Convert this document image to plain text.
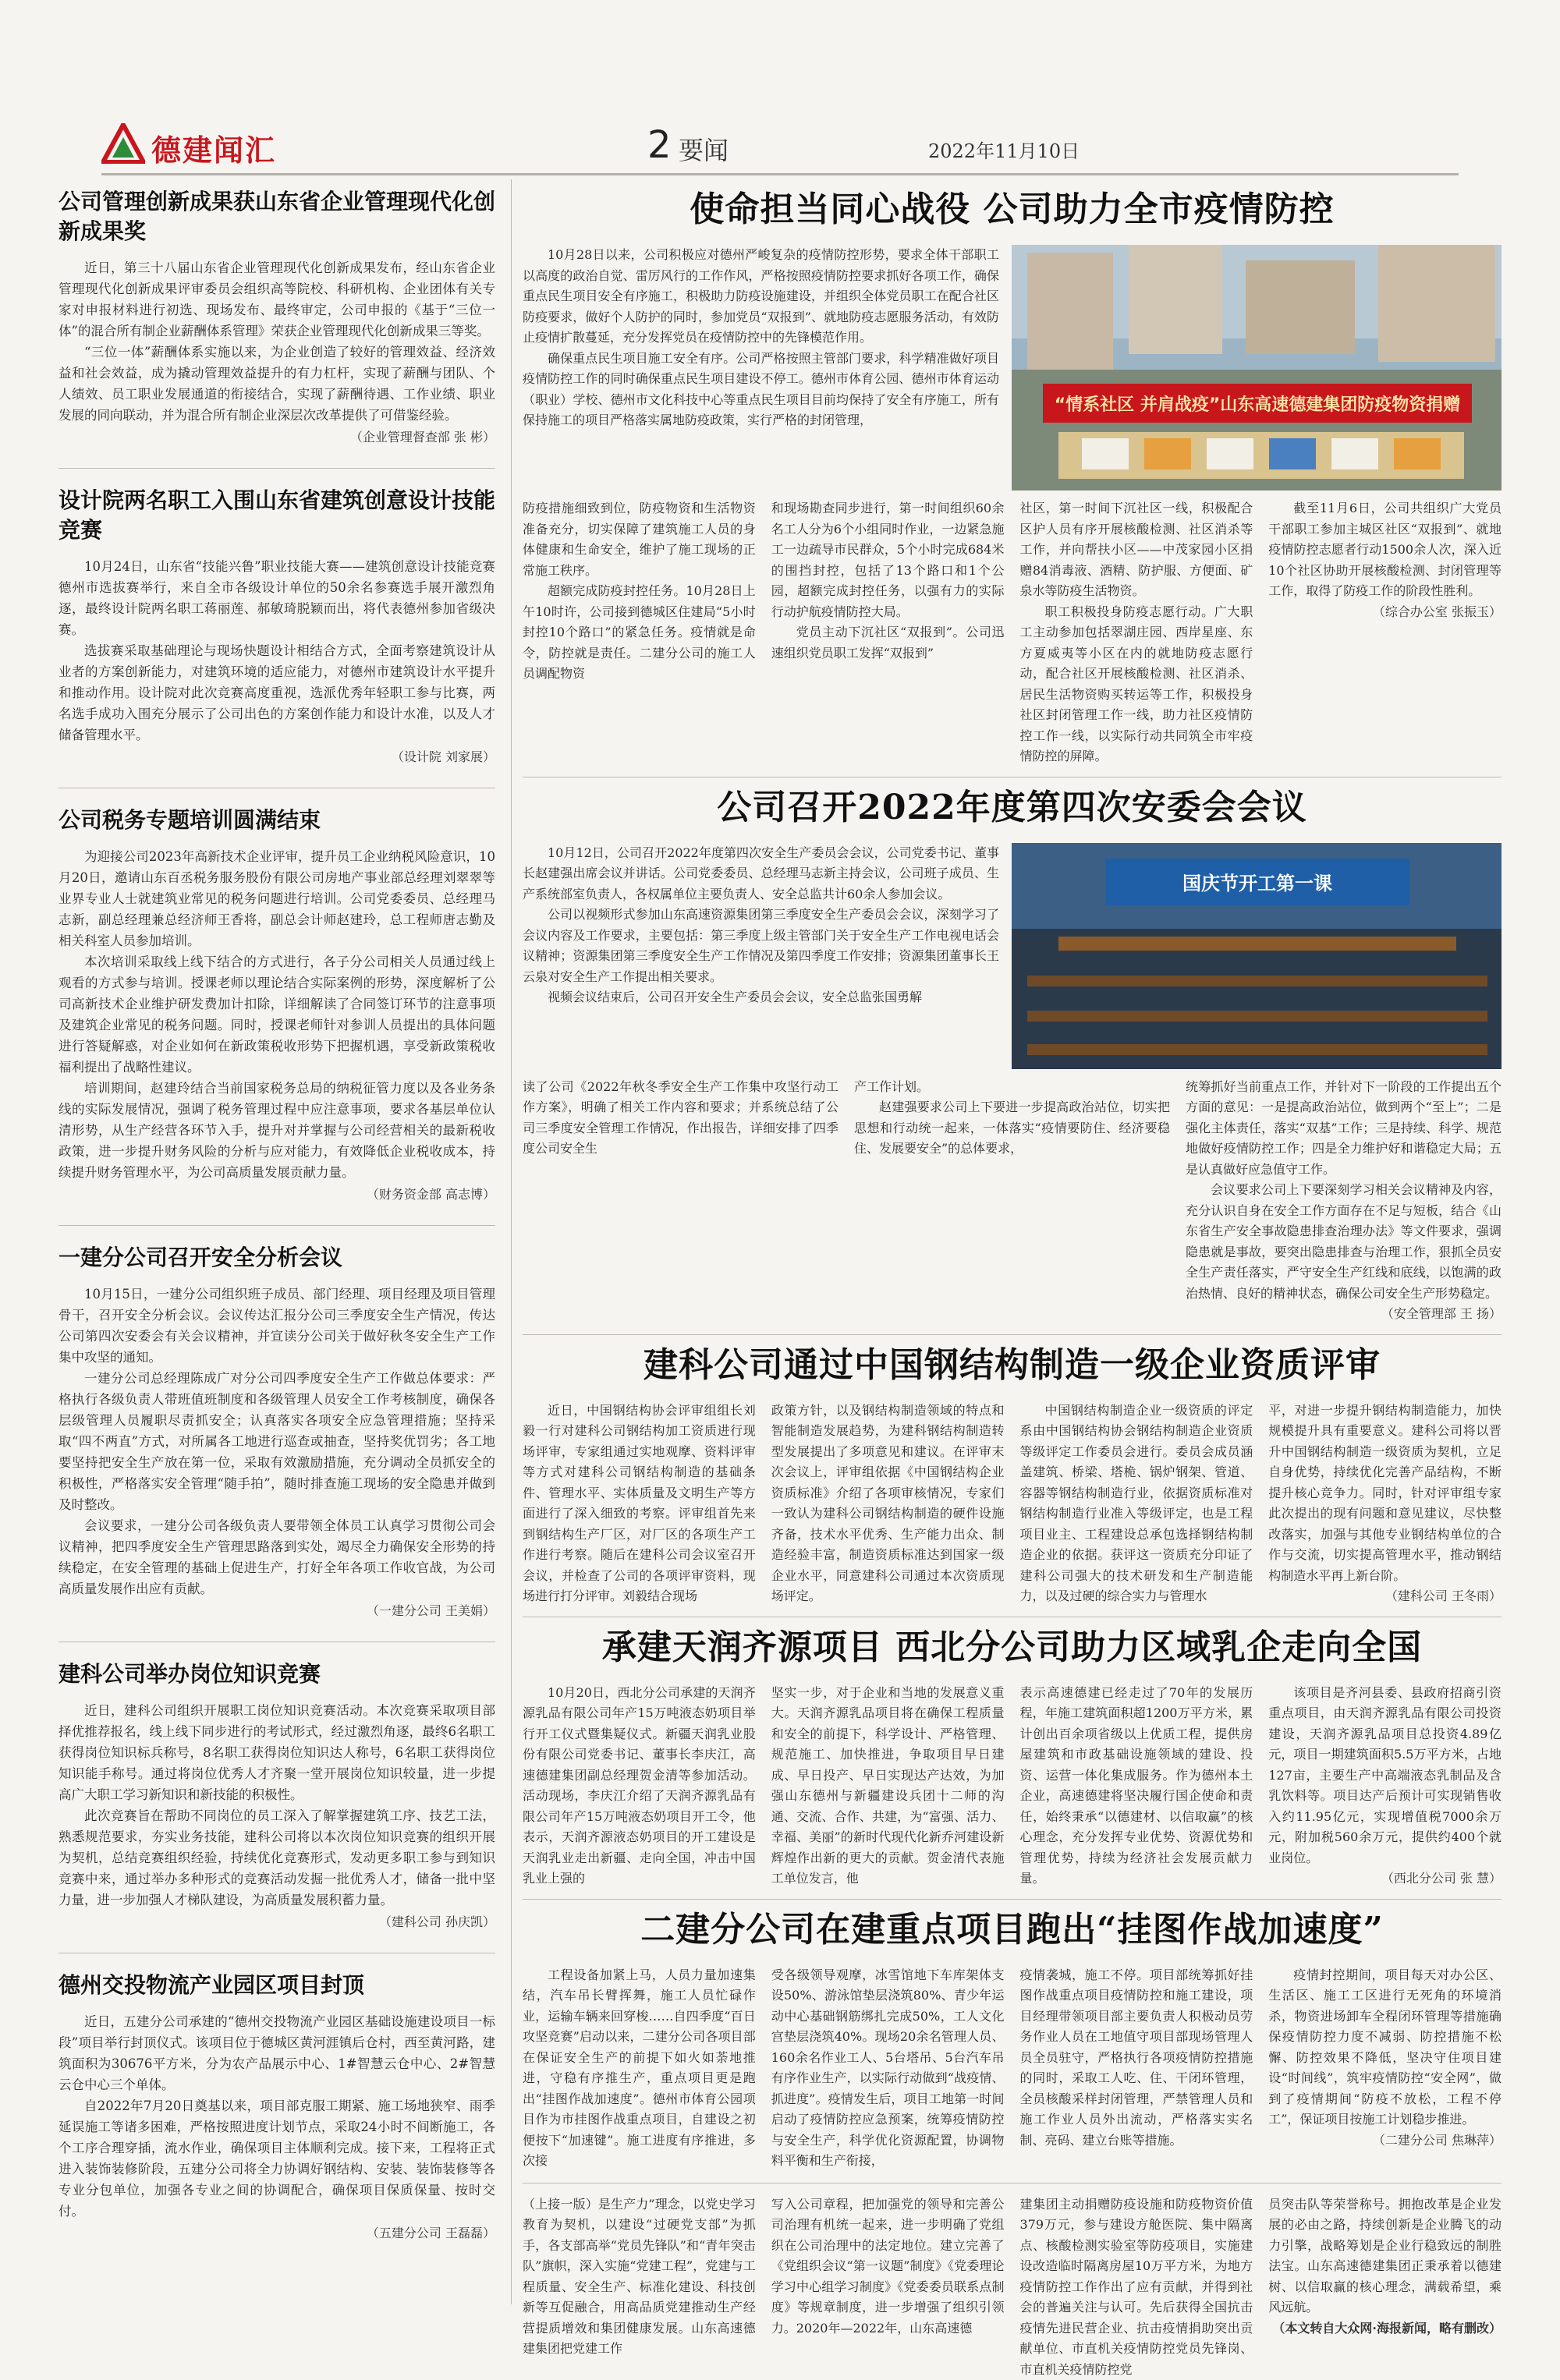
德建闻汇	2 要闻	2022年11月10日
公司管理创新成果获山东省企业管理现代化创新成果奖

近日，第三十八届山东省企业管理现代化创新成果发布，经山东省企业管理现代化创新成果评审委员会组织高等院校、科研机构、企业团体有关专家对申报材料进行初选、现场发布、最终审定，公司申报的《基于“三位一体”的混合所有制企业薪酬体系管理》荣获企业管理现代化创新成果三等奖。

“三位一体”薪酬体系实施以来，为企业创造了较好的管理效益、经济效益和社会效益，成为撬动管理效益提升的有力杠杆，实现了薪酬与团队、个人绩效、员工职业发展通道的衔接结合，实现了薪酬待遇、工作业绩、职业发展的同向联动，并为混合所有制企业深层次改革提供了可借鉴经验。

（企业管理督查部 张 彬）

设计院两名职工入围山东省建筑创意设计技能竞赛

10月24日，山东省“技能兴鲁”职业技能大赛——建筑创意设计技能竞赛德州市选拔赛举行，来自全市各级设计单位的50余名参赛选手展开激烈角逐，最终设计院两名职工蒋丽莲、郝敏琦脱颖而出，将代表德州参加省级决赛。

选拔赛采取基础理论与现场快题设计相结合方式，全面考察建筑设计从业者的方案创新能力，对建筑环境的适应能力，对德州市建筑设计水平提升和推动作用。设计院对此次竞赛高度重视，选派优秀年轻职工参与比赛，两名选手成功入围充分展示了公司出色的方案创作能力和设计水准，以及人才储备管理水平。

（设计院 刘家展）

公司税务专题培训圆满结束

为迎接公司2023年高新技术企业评审，提升员工企业纳税风险意识，10月20日，邀请山东百丞税务服务股份有限公司房地产事业部总经理刘翠翠等业界专业人士就建筑业常见的税务问题进行培训。公司党委委员、总经理马志新，副总经理兼总经济师王香将，副总会计师赵建玲，总工程师唐志勤及相关科室人员参加培训。

本次培训采取线上线下结合的方式进行，各子分公司相关人员通过线上观看的方式参与培训。授课老师以理论结合实际案例的形势，深度解析了公司高新技术企业维护研发费加计扣除，详细解读了合同签订环节的注意事项及建筑企业常见的税务问题。同时，授课老师针对参训人员提出的具体问题进行答疑解惑，对企业如何在新政策税收形势下把握机遇，享受新政策税收福利提出了战略性建议。

培训期间，赵建玲结合当前国家税务总局的纳税征管力度以及各业务条线的实际发展情况，强调了税务管理过程中应注意事项，要求各基层单位认清形势，从生产经营各环节入手，提升对并掌握与公司经营相关的最新税收政策，进一步提升财务风险的分析与应对能力，有效降低企业税收成本，持续提升财务管理水平，为公司高质量发展贡献力量。

（财务资金部 高志博）

一建分公司召开安全分析会议

10月15日，一建分公司组织班子成员、部门经理、项目经理及项目管理骨干，召开安全分析会议。会议传达汇报分公司三季度安全生产情况，传达公司第四次安委会有关会议精神，并宣读分公司关于做好秋冬安全生产工作集中攻坚的通知。

一建分公司总经理陈成广对分公司四季度安全生产工作做总体要求：严格执行各级负责人带班值班制度和各级管理人员安全工作考核制度，确保各层级管理人员履职尽责抓安全；认真落实各项安全应急管理措施；坚持采取“四不两直”方式，对所属各工地进行巡查或抽查，坚持奖优罚劣；各工地要坚持把安全生产放在第一位，采取有效激励措施，充分调动全员抓安全的积极性，严格落实安全管理“随手拍”，随时排查施工现场的安全隐患并做到及时整改。

会议要求，一建分公司各级负责人要带领全体员工认真学习贯彻公司会议精神，把四季度安全生产管理思路落到实处，竭尽全力确保安全形势的持续稳定，在安全管理的基础上促进生产，打好全年各项工作收官战，为公司高质量发展作出应有贡献。

（一建分公司 王美娟）

建科公司举办岗位知识竞赛

近日，建科公司组织开展职工岗位知识竞赛活动。本次竞赛采取项目部择优推荐报名，线上线下同步进行的考试形式，经过激烈角逐，最终6名职工获得岗位知识标兵称号，8名职工获得岗位知识达人称号，6名职工获得岗位知识能手称号。通过将岗位优秀人才齐聚一堂开展岗位知识较量，进一步提高广大职工学习新知识和新技能的积极性。

此次竞赛旨在帮助不同岗位的员工深入了解掌握建筑工序、技艺工法，熟悉规范要求，夯实业务技能，建科公司将以本次岗位知识竞赛的组织开展为契机，总结竞赛组织经验，持续优化竞赛形式，发动更多职工参与到知识竞赛中来，通过举办多种形式的竞赛活动发掘一批优秀人才，储备一批中坚力量，进一步加强人才梯队建设，为高质量发展积蓄力量。

（建科公司 孙庆凯）

德州交投物流产业园区项目封顶

近日，五建分公司承建的“德州交投物流产业园区基础设施建设项目一标段”项目举行封顶仪式。该项目位于德城区黄河涯镇后仓村，西至黄河路，建筑面积为30676平方米，分为农产品展示中心、1#智慧云仓中心、2#智慧云仓中心三个单体。

自2022年7月20日奠基以来，项目部克服工期紧、施工场地狭窄、雨季延误施工等诸多困难，严格按照进度计划节点，采取24小时不间断施工，各个工序合理穿插，流水作业，确保项目主体顺利完成。接下来，工程将正式进入装饰装修阶段，五建分公司将全力协调好钢结构、安装、装饰装修等各专业分包单位，加强各专业之间的协调配合，确保项目保质保量、按时交付。

（五建分公司 王磊磊）

使命担当同心战役 公司助力全市疫情防控

10月28日以来，公司积极应对德州严峻复杂的疫情防控形势，要求全体干部职工以高度的政治自觉、雷厉风行的工作作风，严格按照疫情防控要求抓好各项工作，确保重点民生项目安全有序施工，积极助力防疫设施建设，并组织全体党员职工在配合社区防疫要求，做好个人防护的同时，参加党员“双报到”、就地防疫志愿服务活动，有效防止疫情扩散蔓延，充分发挥党员在疫情防控中的先锋模范作用。

确保重点民生项目施工安全有序。公司严格按照主管部门要求，科学精准做好项目疫情防控工作的同时确保重点民生项目建设不停工。德州市体育公园、德州市体育运动（职业）学校、德州市文化科技中心等重点民生项目目前均保持了安全有序施工，所有保持施工的项目严格落实属地防疫政策，实行严格的封闭管理，

“情系社区 并肩战疫”山东高速德建集团防疫物资捐赠

防疫措施细致到位，防疫物资和生活物资准备充分，切实保障了建筑施工人员的身体健康和生命安全，维护了施工现场的正常施工秩序。

超额完成防疫封控任务。10月28日上午10时许，公司接到德城区住建局“5小时封控10个路口”的紧急任务。疫情就是命令，防控就是责任。二建分公司的施工人员调配物资

和现场勘查同步进行，第一时间组织60余名工人分为6个小组同时作业，一边紧急施工一边疏导市民群众，5个小时完成684米的围挡封控，包括了13个路口和1个公园，超额完成封控任务，以强有力的实际行动护航疫情防控大局。

党员主动下沉社区“双报到”。公司迅速组织党员职工发挥“双报到”

社区，第一时间下沉社区一线，积极配合区护人员有序开展核酸检测、社区消杀等工作，并向帮扶小区——中茂家园小区捐赠84消毒液、酒精、防护服、方便面、矿泉水等防疫生活物资。

职工积极投身防疫志愿行动。广大职工主动参加包括翠湖庄园、西岸星座、东方夏威夷等小区在内的就地防疫志愿行动，配合社区开展核酸检测、社区消杀、居民生活物资购买转运等工作，积极投身社区封闭管理工作一线，助力社区疫情防控工作一线，以实际行动共同筑全市牢疫情防控的屏障。

截至11月6日，公司共组织广大党员干部职工参加主城区社区“双报到”、就地疫情防控志愿者行动1500余人次，深入近10个社区协助开展核酸检测、封闭管理等工作，取得了防疫工作的阶段性胜利。

（综合办公室 张振玉）

公司召开2022年度第四次安委会会议

10月12日，公司召开2022年度第四次安全生产委员会会议，公司党委书记、董事长赵建强出席会议并讲话。公司党委委员、总经理马志新主持会议，公司班子成员、生产系统部室负责人，各权属单位主要负责人、安全总监共计60余人参加会议。

公司以视频形式参加山东高速资源集团第三季度安全生产委员会会议，深刻学习了会议内容及工作要求，主要包括：第三季度上级主管部门关于安全生产工作电视电话会议精神；资源集团第三季度安全生产工作情况及第四季度工作安排；资源集团董事长王云泉对安全生产工作提出相关要求。

视频会议结束后，公司召开安全生产委员会会议，安全总监张国勇解

国庆节开工第一课

读了公司《2022年秋冬季安全生产工作集中攻坚行动工作方案》，明确了相关工作内容和要求；并系统总结了公司三季度安全管理工作情况，作出报告，详细安排了四季度公司安全生

产工作计划。

赵建强要求公司上下要进一步提高政治站位，切实把思想和行动统一起来，一体落实“疫情要防住、经济要稳住、发展要安全”的总体要求，

统筹抓好当前重点工作，并针对下一阶段的工作提出五个方面的意见：一是提高政治站位，做到两个“至上”；二是强化主体责任，落实“双基”工作；三是持续、科学、规范地做好疫情防控工作；四是全力维护好和谐稳定大局；五是认真做好应急值守工作。

会议要求公司上下要深刻学习相关会议精神及内容，充分认识自身在安全工作方面存在不足与短板，结合《山东省生产安全事故隐患排查治理办法》等文件要求，强调隐患就是事故，要突出隐患排查与治理工作，狠抓全员安全生产责任落实，严守安全生产红线和底线，以饱满的政治热情、良好的精神状态，确保公司安全生产形势稳定。

（安全管理部 王 扬）

建科公司通过中国钢结构制造一级企业资质评审

近日，中国钢结构协会评审组组长刘毅一行对建科公司钢结构加工资质进行现场评审，专家组通过实地观摩、资料评审等方式对建科公司钢结构制造的基础条件、管理水平、实体质量及文明生产等方面进行了深入细致的考察。评审组首先来到钢结构生产厂区，对厂区的各项生产工作进行考察。随后在建科公司会议室召开会议，并检查了公司的各项评审资料，现场进行打分评审。刘毅结合现场

政策方针，以及钢结构制造领域的特点和智能制造发展趋势，为建科钢结构制造转型发展提出了多项意见和建议。在评审末次会议上，评审组依据《中国钢结构企业资质标准》介绍了各项审核情况，专家们一致认为建科公司钢结构制造的硬件设施齐备，技术水平优秀、生产能力出众、制造经验丰富，制造资质标准达到国家一级企业水平，同意建科公司通过本次资质现场评定。

中国钢结构制造企业一级资质的评定系由中国钢结构协会钢结构制造企业资质等级评定工作委员会进行。委员会成员涵盖建筑、桥梁、塔桅、锅炉钢架、管道、容器等钢结构制造行业，依据资质标准对钢结构制造行业准入等级评定，也是工程项目业主、工程建设总承包选择钢结构制造企业的依据。获评这一资质充分印证了建科公司强大的技术研发和生产制造能力，以及过硬的综合实力与管理水

平，对进一步提升钢结构制造能力，加快规模提升具有重要意义。建科公司将以晋升中国钢结构制造一级资质为契机，立足自身优势，持续优化完善产品结构，不断提升核心竞争力。同时，针对评审组专家此次提出的现有问题和意见建议，尽快整改落实，加强与其他专业钢结构单位的合作与交流，切实提高管理水平，推动钢结构制造水平再上新台阶。

（建科公司 王冬雨）
承建天润齐源项目 西北分公司助力区域乳企走向全国

10月20日，西北分公司承建的天润齐源乳品有限公司年产15万吨液态奶项目举行开工仪式暨集疑仪式。新疆天润乳业股份有限公司党委书记、董事长李庆江，高速德建集团副总经理贺金清等参加活动。活动现场，李庆江介绍了天润齐源乳品有限公司年产15万吨液态奶项目开工令，他表示，天润齐源液态奶项目的开工建设是天润乳业走出新疆、走向全国，冲击中国乳业上强的

坚实一步，对于企业和当地的发展意义重大。天润齐源乳品项目将在确保工程质量和安全的前提下，科学设计、严格管理、规范施工、加快推进，争取项目早日建成、早日投产、早日实现达产达效，为加强山东德州与新疆建设兵团十二师的沟通、交流、合作、共建，为“富强、活力、幸福、美丽”的新时代现代化新乔河建设新辉煌作出新的更大的贡献。贺金清代表施工单位发言，他

表示高速德建已经走过了70年的发展历程，年施工建筑面积超1200万平方米，累计创出百余项省级以上优质工程，提供房屋建筑和市政基础设施领域的建设、投资、运营一体化集成服务。作为德州本土企业，高速德建将坚决履行国企使命和责任，始终秉承“以德建材、以信取赢”的核心理念，充分发挥专业优势、资源优势和管理优势，持续为经济社会发展贡献力量。

该项目是齐河县委、县政府招商引资重点项目，由天润齐源乳品有限公司投资建设，天润齐源乳品项目总投资4.89亿元，项目一期建筑面积5.5万平方米，占地127亩，主要生产中高端液态乳制品及含乳饮料等。项目达产后预计可实现销售收入约11.95亿元，实现增值税7000余万元，附加税560余万元，提供约400个就业岗位。

（西北分公司 张 慧）
二建分公司在建重点项目跑出“挂图作战加速度”

工程设备加紧上马，人员力量加速集结，汽车吊长臂挥舞，施工人员忙碌作业，运输车辆来回穿梭……自四季度“百日攻坚竞赛”启动以来，二建分公司各项目部在保证安全生产的前提下如火如荼地推进，守稳有序推生产，重点项目更是跑出“挂图作战加速度”。德州市体育公园项目作为市挂图作战重点项目，自建设之初便按下“加速键”。施工进度有序推进，多次接

受各级领导观摩，冰雪馆地下车库架体支设50%、游泳馆垫层浇筑80%、青少年运动中心基础钢筋绑扎完成50%，工人文化宫垫层浇筑40%。现场20余名管理人员、160余名作业工人、5台塔吊、5台汽车吊有序作业生产，以实际行动做到“战疫情、抓进度”。疫情发生后，项目工地第一时间启动了疫情防控应急预案，统筹疫情防控与安全生产，科学优化资源配置，协调物料平衡和生产衔接，

疫情袭城，施工不停。项目部统筹抓好挂图作战重点项目疫情防控和施工建设，项目经理带领项目部主要负责人积极动员劳务作业人员在工地值守项目部现场管理人员全员驻守，严格执行各项疫情防控措施的同时，采取工人吃、住、干闭环管理，全员核酸采样封闭管理，严禁管理人员和施工作业人员外出流动，严格落实实名制、亮码、建立台账等措施。

疫情封控期间，项目每天对办公区、生活区、施工工区进行无死角的环境消杀，物资进场卸车全程闭环管理等措施确保疫情防控力度不减弱、防控措施不松懈、防控效果不降低，坚决守住项目建设“时间线”，筑牢疫情防控“安全网”，做到了疫情期间“防疫不放松，工程不停工”，保证项目按施工计划稳步推进。

（二建分公司 焦琳萍）

（上接一版）是生产力”理念，以党史学习教育为契机，以建设“过硬党支部”为抓手，各支部高举“党员先锋队”和“青年突击队”旗帜，深入实施“党建工程”，党建与工程质量、安全生产、标准化建设、科技创新等互促融合，用高品质党建推动生产经营提质增效和集团健康发展。山东高速德建集团把党建工作

写入公司章程，把加强党的领导和完善公司治理有机统一起来，进一步明确了党组织在公司治理中的法定地位。建立完善了《党组织会议“第一议题”制度》《党委理论学习中心组学习制度》《党委委员联系点制度》等规章制度，进一步增强了组织引领力。2020年—2022年，山东高速德

建集团主动捐赠防疫设施和防疫物资价值379万元，参与建设方舱医院、集中隔离点、核酸检测实验室等防疫项目，实施建设改造临时隔离房屋10万平方米，为地方疫情防控工作作出了应有贡献，并得到社会的普遍关注与认可。先后获得全国抗击疫情先进民营企业、抗击疫情捐助突出贡献单位、市直机关疫情防控党员先锋岗、市直机关疫情防控党

员突击队等荣誉称号。拥抱改革是企业发展的必由之路，持续创新是企业腾飞的动力引擎，战略筹划是企业行稳致远的制胜法宝。山东高速德建集团正秉承着以德建树、以信取赢的核心理念，满载希望，乘风远航。

（本文转自大众网·海报新闻，略有删改）
